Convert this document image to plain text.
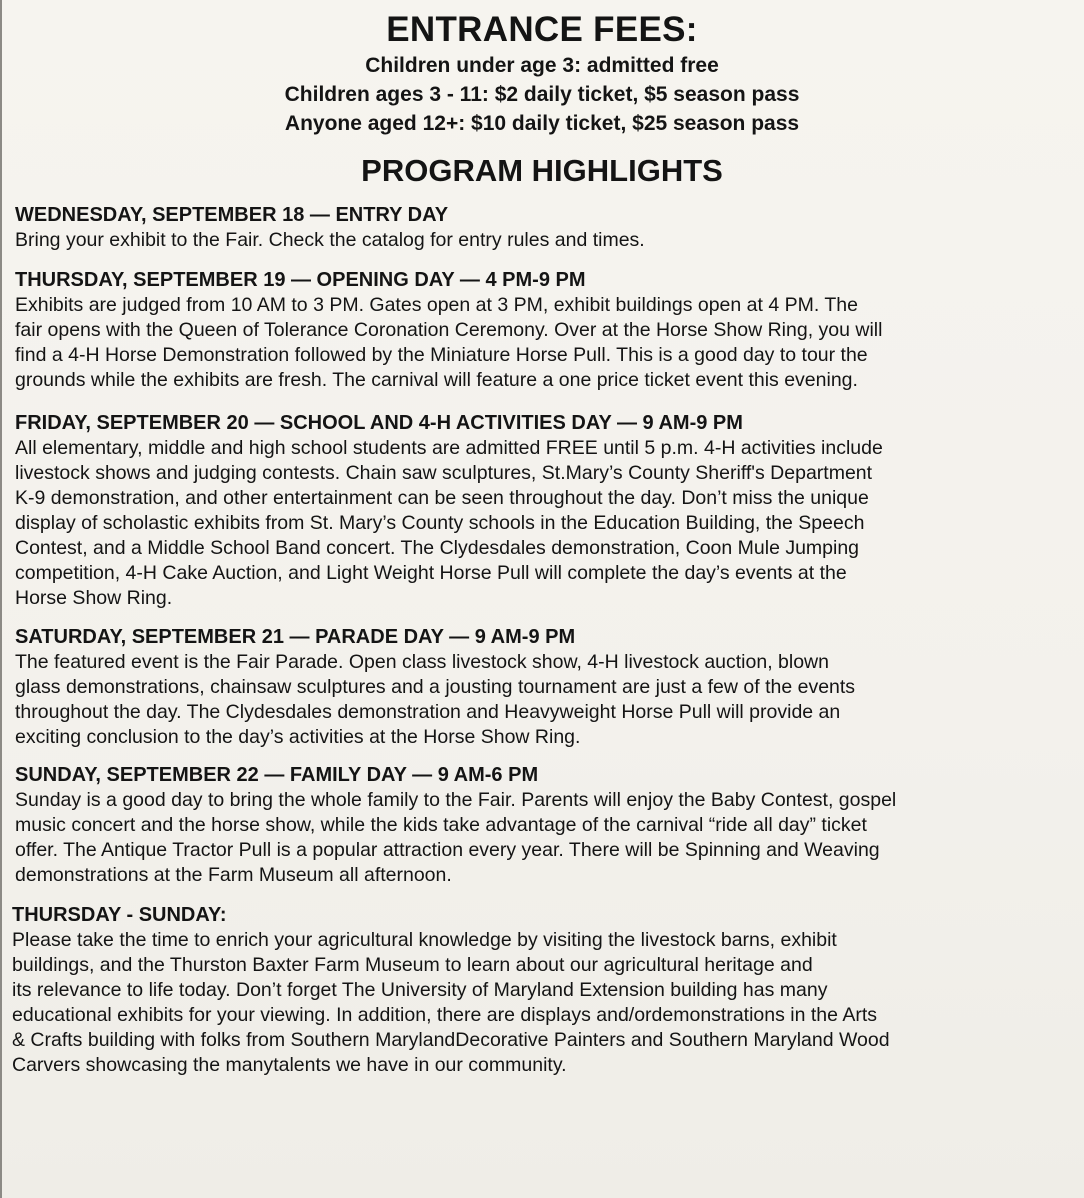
ENTRANCE FEES:
Children under age 3: admitted free
Children ages 3 - 11: $2 daily ticket, $5 season pass
Anyone aged 12+: $10 daily ticket, $25 season pass
PROGRAM HIGHLIGHTS

WEDNESDAY, SEPTEMBER 18 — ENTRY DAY

Bring your exhibit to the Fair. Check the catalog for entry rules and times.

THURSDAY, SEPTEMBER 19 — OPENING DAY — 4 PM-9 PM

Exhibits are judged from 10 AM to 3 PM. Gates open at 3 PM, exhibit buildings open at 4 PM. The

fair opens with the Queen of Tolerance Coronation Ceremony. Over at the Horse Show Ring, you will

find a 4-H Horse Demonstration followed by the Miniature Horse Pull. This is a good day to tour the

grounds while the exhibits are fresh. The carnival will feature a one price ticket event this evening.

FRIDAY, SEPTEMBER 20 — SCHOOL AND 4-H ACTIVITIES DAY — 9 AM-9 PM

All elementary, middle and high school students are admitted FREE until 5 p.m. 4-H activities include

livestock shows and judging contests. Chain saw sculptures, St.Mary’s County Sheriff's Department

K-9 demonstration, and other entertainment can be seen throughout the day. Don’t miss the unique

display of scholastic exhibits from St. Mary’s County schools in the Education Building, the Speech

Contest, and a Middle School Band concert. The Clydesdales demonstration, Coon Mule Jumping

competition, 4-H Cake Auction, and Light Weight Horse Pull will complete the day’s events at the

Horse Show Ring.

SATURDAY, SEPTEMBER 21 — PARADE DAY — 9 AM-9 PM

The featured event is the Fair Parade. Open class livestock show, 4-H livestock auction, blown

glass demonstrations, chainsaw sculptures and a jousting tournament are just a few of the events

throughout the day. The Clydesdales demonstration and Heavyweight Horse Pull will provide an

exciting conclusion to the day’s activities at the Horse Show Ring.

SUNDAY, SEPTEMBER 22 — FAMILY DAY — 9 AM-6 PM

Sunday is a good day to bring the whole family to the Fair. Parents will enjoy the Baby Contest, gospel

music concert and the horse show, while the kids take advantage of the carnival “ride all day” ticket

offer. The Antique Tractor Pull is a popular attraction every year. There will be Spinning and Weaving

demonstrations at the Farm Museum all afternoon.

THURSDAY - SUNDAY:

Please take the time to enrich your agricultural knowledge by visiting the livestock barns, exhibit

buildings, and the Thurston Baxter Farm Museum to learn about our agricultural heritage and

its relevance to life today. Don’t forget The University of Maryland Extension building has many

educational exhibits for your viewing. In addition, there are displays and/ordemonstrations in the Arts

& Crafts building with folks from Southern MarylandDecorative Painters and Southern Maryland Wood

Carvers showcasing the manytalents we have in our community.
